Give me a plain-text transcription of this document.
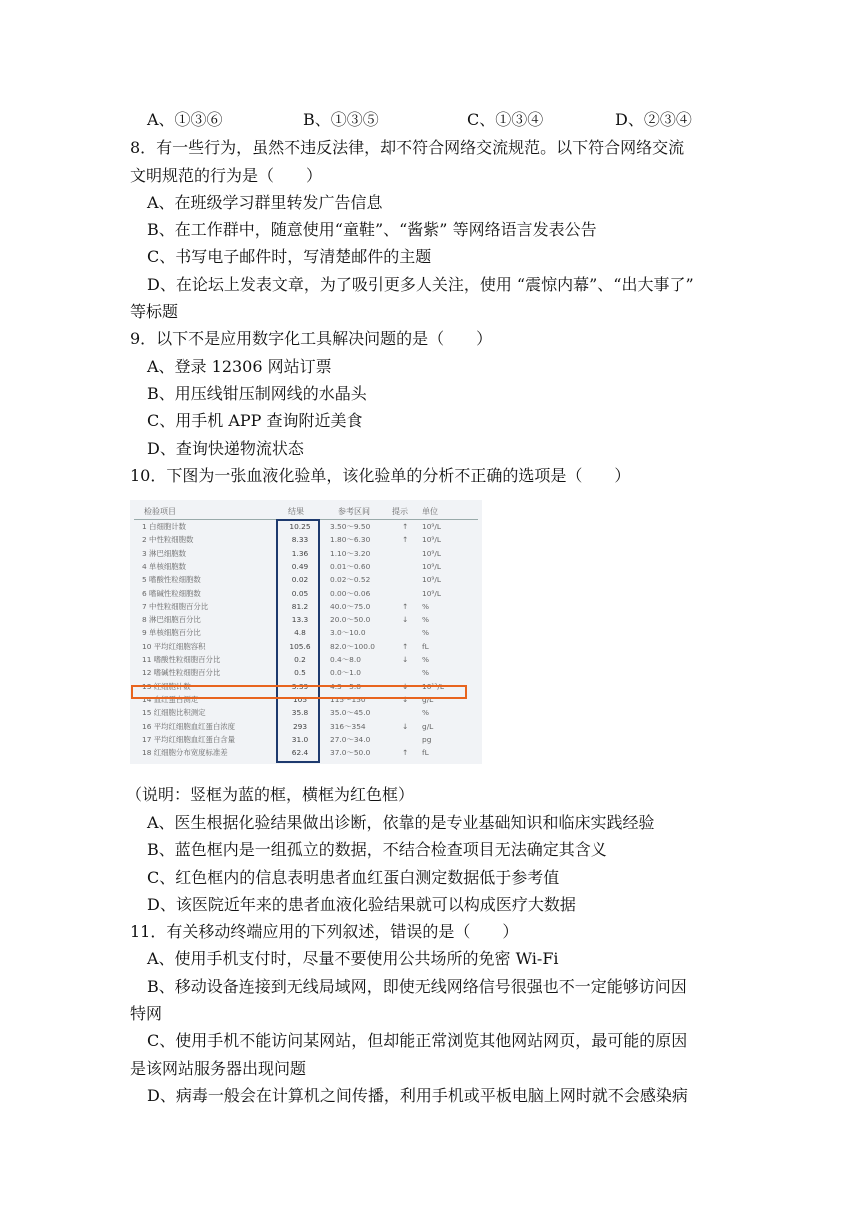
A、①③⑥	B、①③⑤	C、①③④	D、②③④
8．有一些行为，虽然不违反法律，却不符合网络交流规范。以下符合网络交流
文明规范的行为是（　　）
A、在班级学习群里转发广告信息
B、在工作群中，随意使用“童鞋”、“酱紫” 等网络语言发表公告
C、书写电子邮件时，写清楚邮件的主题
D、在论坛上发表文章，为了吸引更多人关注，使用 “震惊内幕”、“出大事了”
等标题
9．以下不是应用数字化工具解决问题的是（　　）
A、登录 12306 网站订票
B、用压线钳压制网线的水晶头
C、用手机 APP 查询附近美食
D、查询快递物流状态
10．下图为一张血液化验单，该化验单的分析不正确的选项是（　　）
检验项目	结果	参考区间	提示 单位
1 白细胞计数	10.25	3.50～9.50	↑ 10⁹/L
2 中性粒细胞数	8.33	1.80～6.30	↑ 10⁹/L
3 淋巴细胞数	1.36	1.10～3.20	10⁹/L
4 单核细胞数	0.49	0.01～0.60	10⁹/L
5 嗜酸性粒细胞数	0.02	0.02～0.52	10⁹/L
6 嗜碱性粒细胞数	0.05	0.00～0.06	10⁹/L
7 中性粒细胞百分比	81.2	40.0～75.0	↑ %
8 淋巴细胞百分比	13.3	20.0～50.0	↓ %
9 单核细胞百分比	4.8	3.0～10.0	%
10 平均红细胞容积	105.6	82.0～100.0	↑ fL
11 嗜酸性粒细胞百分比	0.2	0.4～8.0	↓ %
12 嗜碱性粒细胞百分比	0.5	0.0～1.0	%
13 红细胞计数	3.39	4.3～5.8	↓ 10¹²/L
14 血红蛋白测定	105	115～150	↓ g/L
15 红细胞比积测定	35.8	35.0～45.0	%
16 平均红细胞血红蛋白浓度	293	316～354	↓ g/L
17 平均红细胞血红蛋白含量	31.0	27.0～34.0	pg
18 红细胞分布宽度标准差	62.4	37.0～50.0	↑ fL
（说明：竖框为蓝的框，横框为红色框）
A、医生根据化验结果做出诊断，依靠的是专业基础知识和临床实践经验
B、蓝色框内是一组孤立的数据，不结合检查项目无法确定其含义
C、红色框内的信息表明患者血红蛋白测定数据低于参考值
D、该医院近年来的患者血液化验结果就可以构成医疗大数据
11．有关移动终端应用的下列叙述，错误的是（　　）
A、使用手机支付时，尽量不要使用公共场所的免密 Wi-Fi
B、移动设备连接到无线局域网，即使无线网络信号很强也不一定能够访问因
特网
C、使用手机不能访问某网站，但却能正常浏览其他网站网页，最可能的原因
是该网站服务器出现问题
D、病毒一般会在计算机之间传播，利用手机或平板电脑上网时就不会感染病
